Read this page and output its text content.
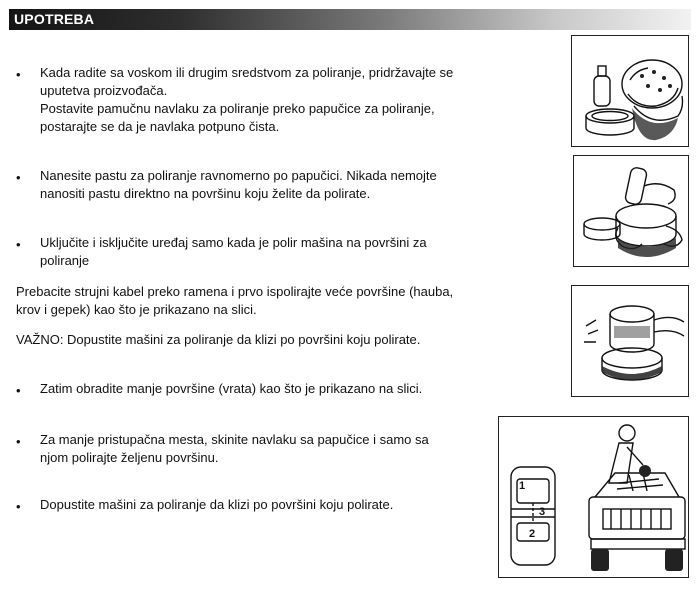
UPOTREBA
• Kada radite sa voskom ili drugim sredstvom za poliranje, pridržavajte se
uputetva proizvođača.
Postavite pamučnu navlaku za poliranje preko papučice za poliranje,
postarajte se da je navlaka potpuno čista.
• Nanesite pastu za poliranje ravnomerno po papučici. Nikada nemojte
nanositi pastu direktno na površinu koju želite da polirate.
• Uključite i isključite uređaj samo kada je polir mašina na površini za
poliranje
Prebacite strujni kabel preko ramena i prvo ispolirajte veće površine (hauba,
krov i gepek) kao što je prikazano na slici.
VAŽNO: Dopustite mašini za poliranje da klizi po površini koju polirate.
• Zatim obradite manje površine (vrata) kao što je prikazano na slici.
• Za manje pristupačna mesta, skinite navlaku sa papučice i samo sa
njom polirajte željenu površinu.
• Dopustite mašini za poliranje da klizi po površini koju polirate.
1
3
2
